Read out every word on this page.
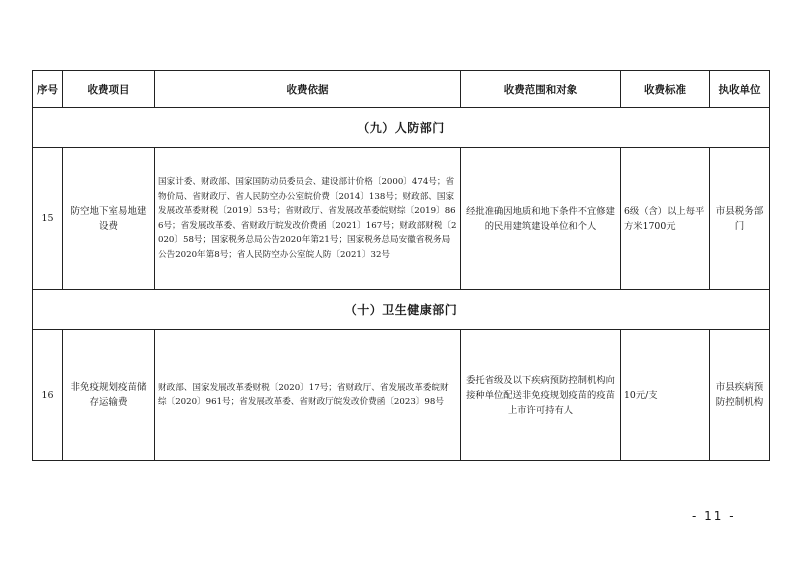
序号	收费项目	收费依据	收费范围和对象	收费标准	执收单位
（九）人防部门					
15	防空地下室易地建设费	国家计委、财政部、国家国防动员委员会、建设部计价格〔2000〕474号；省物价局、省财政厅、省人民防空办公室皖价费〔2014〕138号；财政部、国家发展改革委财税〔2019〕53号；省财政厅、省发展改革委皖财综〔2019〕866号；省发展改革委、省财政厅皖发改价费函〔2021〕167号；财政部财税〔2020〕58号；国家税务总局公告2020年第21号；国家税务总局安徽省税务局公告2020年第8号；省人民防空办公室皖人防〔2021〕32号	经批准确因地质和地下条件不宜修建的民用建筑建设单位和个人	6级（含）以上每平方米1700元	市县税务部门
（十）卫生健康部门					
16	非免疫规划疫苗储存运输费	财政部、国家发展改革委财税〔2020〕17号；省财政厅、省发展改革委皖财综〔2020〕961号；省发展改革委、省财政厅皖发改价费函〔2023〕98号	委托省级及以下疾病预防控制机构向接种单位配送非免疫规划疫苗的疫苗上市许可持有人	10元/支	市县疾病预防控制机构
- 11 -
